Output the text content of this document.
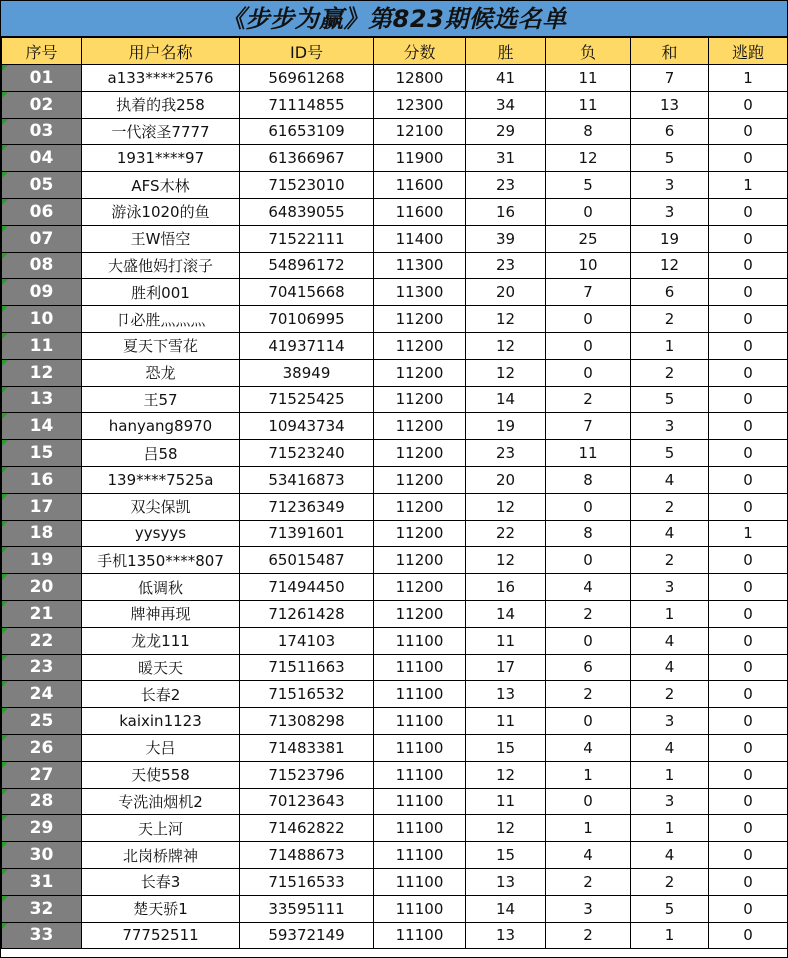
《步步为赢》第823期候选名单
序号	用户名称	ID号	分数	胜	负	和	逃跑
01	a133****2576	56961268	12800	41	11	7	1
02	执着的我258	71114855	12300	34	11	13	0
03	一代滚圣7777	61653109	12100	29	8	6	0
04	1931****97	61366967	11900	31	12	5	0
05	AFS木林	71523010	11600	23	5	3	1
06	游泳1020的鱼	64839055	11600	16	0	3	0
07	王W悟空	71522111	11400	39	25	19	0
08	大盛他妈打滚子	54896172	11300	23	10	12	0
09	胜利001	70415668	11300	20	7	6	0
10	卩必胜灬灬灬	70106995	11200	12	0	2	0
11	夏天下雪花	41937114	11200	12	0	1	0
12	恐龙	38949	11200	12	0	2	0
13	王57	71525425	11200	14	2	5	0
14	hanyang8970	10943734	11200	19	7	3	0
15	吕58	71523240	11200	23	11	5	0
16	139****7525a	53416873	11200	20	8	4	0
17	双尖保凯	71236349	11200	12	0	2	0
18	yysyys	71391601	11200	22	8	4	1
19	手机1350****807	65015487	11200	12	0	2	0
20	低调秋	71494450	11200	16	4	3	0
21	牌神再现	71261428	11200	14	2	1	0
22	龙龙111	174103	11100	11	0	4	0
23	暖天天	71511663	11100	17	6	4	0
24	长春2	71516532	11100	13	2	2	0
25	kaixin1123	71308298	11100	11	0	3	0
26	大吕	71483381	11100	15	4	4	0
27	天使558	71523796	11100	12	1	1	0
28	专洗油烟机2	70123643	11100	11	0	3	0
29	天上河	71462822	11100	12	1	1	0
30	北岗桥牌神	71488673	11100	15	4	4	0
31	长春3	71516533	11100	13	2	2	0
32	楚天骄1	33595111	11100	14	3	5	0
33	77752511	59372149	11100	13	2	1	0
